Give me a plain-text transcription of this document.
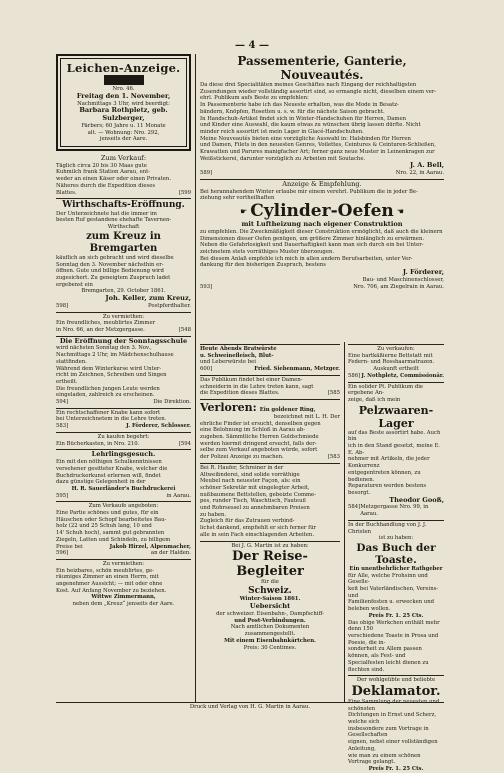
— 4 —
Leichen-Anzeige.
Nro. 46.
Freitag den 1. November,
Nachmittags 3 Uhr, wird beerdigt:
Barbara Rothpletz, geb. Sulzberger,
Färbers; 60 Jahre u. 11 Monate
alt. — Wohnung: Nro. 292,
jenseits der Aare.
Zum Verkauf:
Täglich circa 20 bis 30 Maas gute
Kuhmilch frank Station Aarau, ent-
weder an einen Käser oder einen Privaten.
Näheres durch die Expedition dieses
Blattes.	[599
Wirthschafts-Eröffnung.
Der Unterzeichnete hat die immer im
besten Ruf gestandene ehehafte Tavernen-
Wirthschaft
zum Kreuz in Bremgarten
käuflich an sich gebracht und wird dieselbe
Sonntag den 3. November nächsthin er-
öffnen. Gute und billige Bedienung wird
zugesichert. Zu geneigtem Zuspruch ladet
ergebenst ein
Bremgarten, 29. October 1861.
Joh. Keller, zum Kreuz,
598]	Postpferdhalter.
Zu vermiethen:
Ein freundliches, meublirtes Zimmer
in Nro. 66, an der Metzgergasse.	[548
Die Eröffnung der Sonntagsschule
wird nächsten Sonntag den 3. Nov.,
Nachmittags 2 Uhr, im Mädchenschulhause
stattfinden.
Während dem Winterkurse wird Unter-
richt im Zeichnen, Schreiben und Singen
ertheilt.
Die freundlichen jungen Leute werden
eingeladen, zahlreich zu erscheinen.
594]	Die Direktion.
Ein rechtschaffener Knabe kann sofort
bei Unterzeichnetem in die Lehre treten.
583]	J. Förderer, Schlosser.
Zu kaufen begehrt:
Ein Bücherkasten, in Nro. 210.	[594
Lehrlingsgesuch.
Ein mit den nöthigen Schulkenntnissen
versehener gesitteter Knabe, welcher die
Buchdruckerkunst erlernen will, findet
dazu günstige Gelegenheit in der
H. R. Sauerländer's Buchdruckerei
595]	in Aarau.
Zum Verkaufe angeboten:
Eine Partie schönes und gutes, für ein
Häuschen oder Schopf bearbeitetes Bau-
holz (22 und 25 Schuh lang, 10 und
14' Schuh hoch), sammt gut gebrannten
Ziegeln, Latten und Schindeln, zu billigem
Preise bei	Jakob Hirzel, Alpenmacher,
596]	an der Halden.
Zu vermiethen:
Ein heizbares, schön meublirtes, ge-
räumiges Zimmer an einen Herrn, mit
angenehmer Aussicht; — mit oder ohne
Kost. Auf Anfang November zu beziehen.
Wittwe Zimmermann,
neben dem „Kreuz“ jenseits der Aare.
Passementerie, Ganterie, Nouveautés.
Da diese drei Specialitäten meines Geschäftes nach Eingang der reichhaltigsten
Zusendungen wieder vollständig assortirt sind, so ermangle nicht, dieselben einem ver-
ehrl. Publikum aufs Beste zu empfehlen:
In Passementerie habe ich das Neueste erhalten, was die Mode in Besatz-
bändern, Knöpfen, Rosetten u. s. w. für die nächste Saison gebracht.
In Handschuh-Artikel findet sich in Winter-Handschuhen für Herren, Damen
und Kinder eine Auswahl, die kaum etwas zu wünschen übrig lassen dürfte. Nicht
minder reich assortirt ist mein Lager in Glacé-Handschuhen.
Meine Nouveautés bieten eine vorzügliche Auswahl in: Halsbinden für Herren
und Damen, Filets in den neuesten Genres, Voilettes, Ceintures & Ceinturen-Schließen,
Krawatten und Parures manigfacher Art; ferner ganz neue Muster in Leinenkragen zur
Weißstickerei, darunter vorzüglich zu Arbeiten mit Soutache.
J. A. Bell,
589]	Nro. 22, in Aarau.
Anzeige & Empfehlung.
Bei herannahendem Winter erlaube mir einem verehrl. Publikum die in jeder Be-
ziehung sehr vortheilhaften
☛ Cylinder-Oefen ☚
mit Luftheizung nach eigener Construktion
zu empfehlen. Die Zweckmäßigkeit dieser Construktion ermöglicht, daß auch die kleinern
Dimensionen dieser Oefen genügen, um größere Zimmer hinlänglich zu erwärmen.
Neben die Gefahrlosigkeit und Dauerhaftigkeit kann man sich durch ein bei Unter-
zeichnetem stets vorräthiges Muster überzeugen.
Bei diesem Anlaß empfehle ich mich in allen andern Berufsarbeiten, unter Ver-
dankung für den bisherigen Zuspruch, bestens
J. Förderer,
Bau- und Maschinenschlosser,
593]	Nro. 706, am Ziegelrain in Aarau.
Heute Abends Bratwürste
u. Schweinefleisch, Blut-
und Leberwürste bei
600]	Fried. Siebenmann, Metzger.
Das Publikum findet bei einer Damen-
schneiderin in die Lehre treten kann, sagt
die Expedition dieses Blattes.	[585
Verloren: Ein goldener Ring,
bezeichnet mit L. H. Der
ehrliche Finder ist ersucht, denselben gegen
eine Belohnung im Schloß in Aarau ab-
zugeben. Sämmtliche Herren Goldschmiede
werden hiermit dringend ersucht, falls der-
selbe zum Verkauf angeboten würde, sofort
der Polizei Anzeige zu machen.	[583
Bei R. Haufer, Schreiner in der
Altweibnderei, sind solide vorräthige
Meubel nach neuester Façon, als: ein
schöner Sekretär mit eingelegter Arbeit,
nußbaumene Bettstellen, gebeizte Comme-
pes, runder Tisch, Waschtisch, Fauteuil
und Rohrsessel zu annehmbaren Preisen
zu haben.
Zugleich für das Zutrauen verbind-
lichst dankend, empfiehlt er sich ferner für
alle in sein Fach einschlagenden Arbeiten.
Bei J. G. Martin ist zu haben:
Der Reise-Begleiter
für die
Schweiz.
Winter-Saison 1861.
Uebersicht
der schweizer. Eisenbahn-, Dampfschiff-
und Post-Verbindungen.
Nach amtlichen Dokumenten
zusammengestellt.
Mit einem Eisenbahnkärtchen.
Preis: 30 Centimes.
Zu verkaufen:
Eine hartkäßierne Bettstatt mit
Federn- und Rosshaarmatrazen.
Auskunft ertheilt
586] J. Nothpletz, Commissionär.
Ein solider Pt. Publikum die ergebene An-
zeige, daß ich mein
Pelzwaaren-Lager
auf das Beste assortirt habe. Auch bin
ich in den Stand gesetzt, meine E. E. Ab-
nehmer mit Artikeln, die jeder Konkurrenz
entgegentreten können, zu bedienen.
Reparaturen werden bestens besorgt.
Theodor Gooß,
584] Metzgergasse Nro. 99, in Aarau.
In der Buchhandlung von J. J. Christen
ist zu haben:
Das Buch der Toaste.
Ein unentbehrlicher Rathgeber
für Alle, welche Frohsinn und Geselle-
keit bei Vaterländischen, Vereins- und
Familienfesten u. erwecken und
beleben wollen.
Preis Fr. 1. 25 Cts.
Das obige Werkchen enthält mehr denn 150
verschiedene Toaste in Prosa und Poesie, die in-
sonderheit zu Allem passen können, als Fest- und
Specialfesten leicht dienen zu flechten sind.
Der wohlgeübte und beliebte
Deklamator.
Eine Sammlung der neuesten und schönsten
Dichtungen in Ernst und Scherz, welche sich
insbesondere zum Vortrage in Gesellschaften
eignen, nebst einer vollständigen Anleitung,
wie man zu einem schönen Vortrage gelangt.
Preis Fr. 1. 25 Cts.
Druck und Verlag von H. G. Martin in Aarau.
